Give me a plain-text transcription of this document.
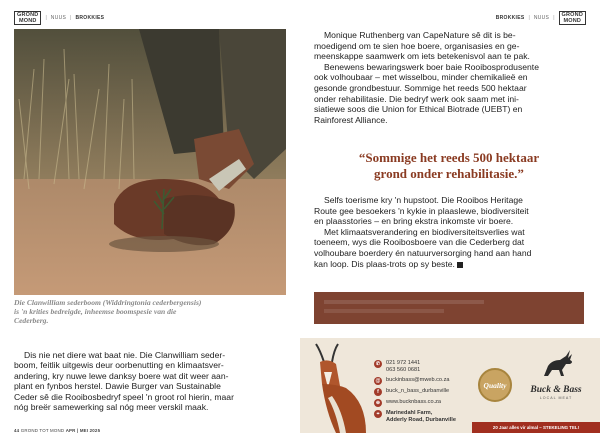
GROND
MOND	| NUUS | BROKKIES
Die Clanwilliam sederboom (Widdringtonia cederbergensis)
is 'n krities bedreigde, inheemse boomspesie van die
Cederberg.
Dis nie net diere wat baat nie. Die Clanwilliam seder-
boom, feitlik uitgewis deur oorbenutting en klimaatsver-
andering, kry nuwe lewe danksy boere wat dit weer aan-
plant en fynbos herstel. Dawie Burger van Sustainable
Ceder sê die Rooibosbedryf speel 'n groot rol hierin, maar
nóg breër samewerking sal nóg meer verskil maak.
44 GROND TOT MOND APR | MEI 2025
BROKKIES | NUUS | GROND
MOND
Monique Ruthenberg van CapeNature sê dit is be-
moedigend om te sien hoe boere, organisasies en ge-
meenskappe saamwerk om iets betekenisvol aan te pak.
Benewens bewaringswerk boer baie Rooibosprodusente
ook volhoubaar – met wisselbou, minder chemikalieë en
gesonde grondbestuur. Sommige het reeds 500 hektaar
onder rehabilitasie. Die bedryf werk ook saam met ini-
siatiewe soos die Union for Ethical Biotrade (UEBT) en
Rainforest Alliance.
“Sommige het reeds 500 hektaar
grond onder rehabilitasie.”
Selfs toerisme kry 'n hupstoot. Die Rooibos Heritage
Route gee besoekers 'n kykie in plaaslewe, biodiversiteit
en plaasstories – en bring ekstra inkomste vir boere.
Met klimaatsverandering en biodiversiteitsverlies wat
toeneem, wys die Rooibosboere van die Cederberg dat
volhoubare boerdery én natuurversorging hand aan hand
kan loop. Dis plaas-trots op sy beste.
✆	021 972 1441
063 560 0681
@ buckinbass@mweb.co.za
f	buck_n_bass_durbanville
⊕	www.bucknbass.co.za
⌖	Marinedahl Farm,
Adderly Road, Durbanville
Quality	Buck & Bass
LOCAL MEAT
20 Jaar alles vir almal – STEKELING TEL!
